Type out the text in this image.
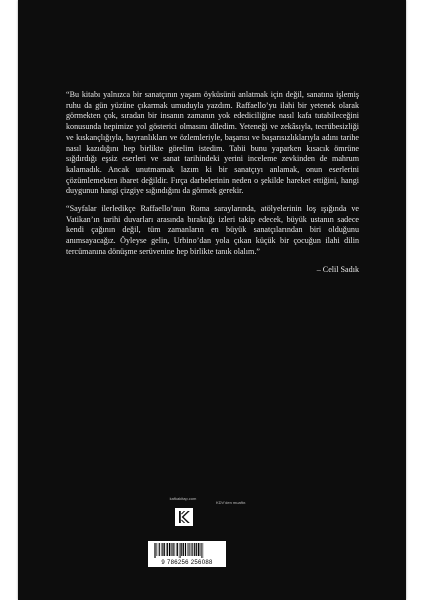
“Bu kitabı yalnızca bir sanatçının yaşam öyküsünü anlatmak için değil, sanatına işlemiş ruhu da gün yüzüne çıkarmak umuduyla yazdım. Raffaello’yu ilahi bir yetenek olarak görmekten çok, sıradan bir insanın zamanın yok edediciliğine nasıl kafa tutabileceğini konusunda hepimize yol gösterici olmasını diledim. Yeteneği ve zekâsıyla, tecrübesizliği ve kıskançlığıyla, hayranlıkları ve özlemleriyle, başarısı ve başarısızlıklarıyla adını tarihe nasıl kazıdığını hep birlikte görelim istedim. Tabii bunu yaparken kısacık ömrüne sığdırdığı eşsiz eserleri ve sanat tarihindeki yerini inceleme zevkinden de mahrum kalamadık. Ancak unutmamak lazım ki bir sanatçıyı anlamak, onun eserlerini çözümlemekten ibaret değildir. Fırça darbelerinin neden o şekilde hareket ettiğini, hangi duygunun hangi çizgiye sığındığını da görmek gerekir.

“Sayfalar ilerledikçe Raffaello’nun Roma saraylarında, atölyelerinin loş ışığında ve Vatikan’ın tarihi duvarları arasında bıraktığı izleri takip edecek, büyük ustanın sadece kendi çağının değil, tüm zamanların en büyük sanatçılarından biri olduğunu anımsayacağız. Öyleyse gelin, Urbino’dan yola çıkan küçük bir çocuğun ilahi dilin tercümanına dönüşme serüvenine hep birlikte tanık olalım.”

– Celil Sadık
kafkakitap.com
KDV’den muaftır.
9 786256 256088
